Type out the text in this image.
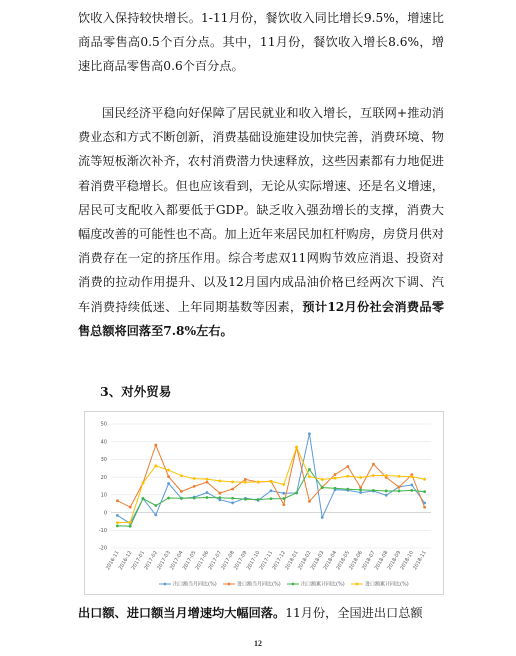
饮收入保持较快增长。1-11月份，餐饮收入同比增长9.5%，增速比商品零售高0.5个百分点。其中，11月份，餐饮收入增长8.6%，增速比商品零售高0.6个百分点。

国民经济平稳向好保障了居民就业和收入增长，互联网+推动消费业态和方式不断创新，消费基础设施建设加快完善，消费环境、物流等短板渐次补齐，农村消费潜力快速释放，这些因素都有力地促进着消费平稳增长。但也应该看到，无论从实际增速、还是名义增速，居民可支配收入都要低于GDP。缺乏收入强劲增长的支撑，消费大幅度改善的可能性也不高。加上近年来居民加杠杆购房，房贷月供对消费存在一定的挤压作用。综合考虑双11网购节效应消退、投资对消费的拉动作用提升、以及12月国内成品油价格已经两次下调、汽车消费持续低迷、上年同期基数等因素，预计12月份社会消费品零售总额将回落至7.8%左右。

3、对外贸易
-20
-10
0
10
20
30
40
50
2016-11
2016-12
2017-01
2017-02
2017-03
2017-04
2017-05
2017-06
2017-07
2017-08
2017-09
2017-10
2017-11
2017-12
2018-01
2018-02
2018-03
2018-04
2018-05
2018-06
2018-07
2018-08
2018-09
2018-10
2018-11
出口额当月同比(%)	进口额当月同比(%)	出口额累计同比(%)	进口额累计同比(%)

出口额、进口额当月增速均大幅回落。11月份，全国进出口总额

12
